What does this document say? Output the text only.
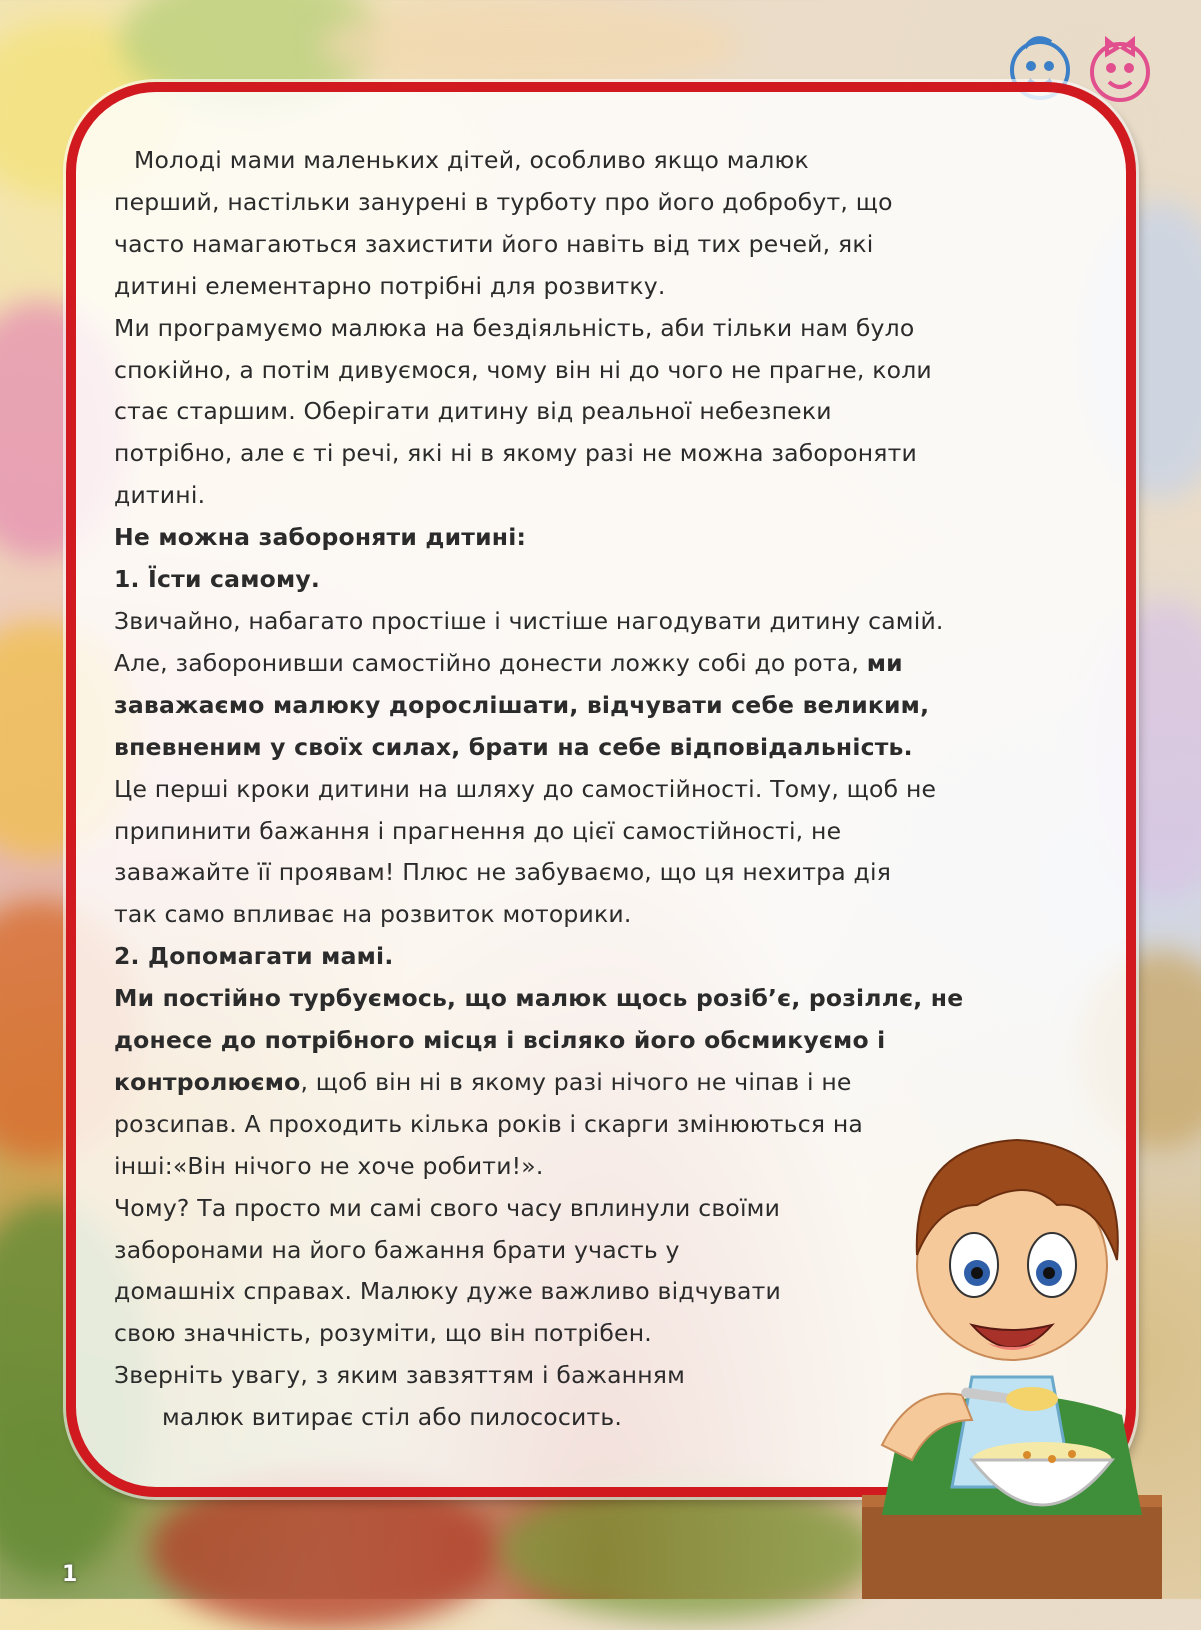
Молоді мами маленьких дітей, особливо якщо малюк

перший, настільки занурені в турботу про його добробут, що

часто намагаються захистити його навіть від тих речей, які

дитині елементарно потрібні для розвитку.

Ми програмуємо малюка на бездіяльність, аби тільки нам було

спокійно, а потім дивуємося, чому він ні до чого не прагне, коли

стає старшим. Оберігати дитину від реальної небезпеки

потрібно, але є ті речі, які ні в якому разі не можна забороняти

дитині.

Не можна забороняти дитині:

1. Їсти самому.

Звичайно, набагато простіше і чистіше нагодувати дитину самій.

Але, заборонивши самостійно донести ложку собі до рота, ми

заважаємо малюку дорослішати, відчувати себе великим,

впевненим у своїх силах, брати на себе відповідальність.

Це перші кроки дитини на шляху до самостійності. Тому, щоб не

припинити бажання і прагнення до цієї самостійності, не

заважайте її проявам! Плюс не забуваємо, що ця нехитра дія

так само впливає на розвиток моторики.

2. Допомагати мамі.

Ми постійно турбуємось, що малюк щось розіб’є, розіллє, не

донесе до потрібного місця і всіляко його обсмикуємо і

контролюємо, щоб він ні в якому разі нічого не чіпав і не

розсипав. А проходить кілька років і скарги змінюються на

інші:«Він нічого не хоче робити!».

Чому? Та просто ми самі свого часу вплинули своїми

заборонами на його бажання брати участь у

домашніх справах. Малюку дуже важливо відчувати

свою значність, розуміти, що він потрібен.

Зверніть увагу, з яким завзяттям і бажанням

малюк витирає стіл або пилососить.

1
